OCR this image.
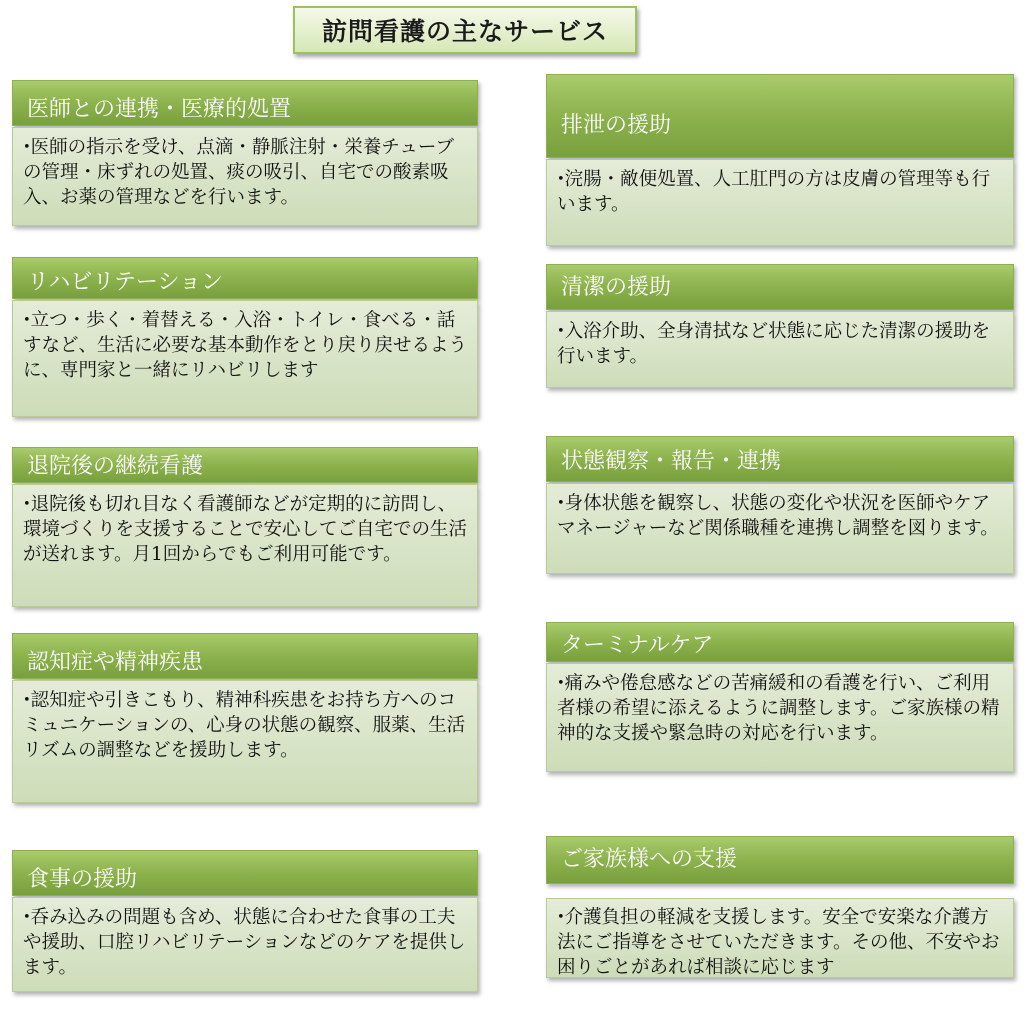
訪問看護の主なサービス
医師との連携・医療的処置
•医師の指示を受け、点滴・静脈注射・栄養チューブの管理・床ずれの処置、痰の吸引、自宅での酸素吸入、お薬の管理などを行います。
リハビリテーション
•立つ・歩く・着替える・入浴・トイレ・食べる・話すなど、生活に必要な基本動作をとり戻り戻せるように、専門家と一緒にリハビリします
退院後の継続看護
•退院後も切れ目なく看護師などが定期的に訪問し、環境づくりを支援することで安心してご自宅での生活が送れます。月1回からでもご利用可能です。
認知症や精神疾患
•認知症や引きこもり、精神科疾患をお持ち方へのコミュニケーションの、心身の状態の観察、服薬、生活リズムの調整などを援助します。
食事の援助
•呑み込みの問題も含め、状態に合わせた食事の工夫や援助、口腔リハビリテーションなどのケアを提供します。
排泄の援助
•浣腸・敵便処置、人工肛門の方は皮膚の管理等も行います。
清潔の援助
•入浴介助、全身清拭など状態に応じた清潔の援助を行います。
状態観察・報告・連携
•身体状態を観察し、状態の変化や状況を医師やケアマネージャーなど関係職種を連携し調整を図ります。
ターミナルケア
•痛みや倦怠感などの苦痛緩和の看護を行い、ご利用者様の希望に添えるように調整します。ご家族様の精神的な支援や緊急時の対応を行います。
ご家族様への支援
•介護負担の軽減を支援します。安全で安楽な介護方法にご指導をさせていただきます。その他、不安やお困りごとがあれば相談に応じます
